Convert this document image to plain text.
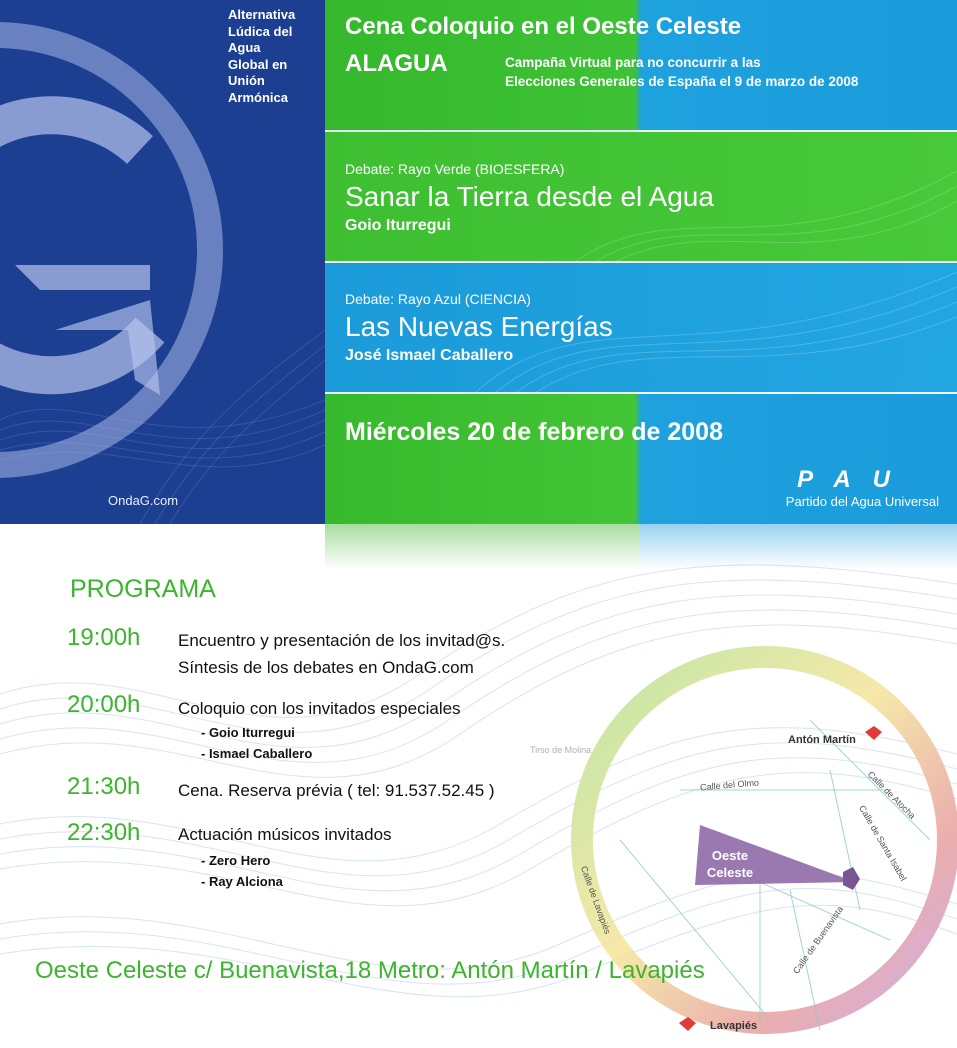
Alternativa
Lúdica del
Agua
Global en
Unión
Armónica
OndaG.com
Cena Coloquio en el Oeste Celeste
ALAGUA	Campaña Virtual para no concurrir a las
Elecciones Generales de España el 9 de marzo de 2008
Debate: Rayo Verde (BIOESFERA)
Sanar la Tierra desde el Agua
Goio Iturregui
Debate: Rayo Azul (CIENCIA)
Las Nuevas Energías
José Ismael Caballero
Miércoles 20 de febrero de 2008
PAU
Partido del Agua Universal
Antón Martín
Lavapiés
Tirso de Molina
Calle del Olmo	Calle de Atocha
Calle de Santa Isabel
Calle de Buenavista
Calle de Lavapiés
Oeste Celeste
PROGRAMA
19:00h Encuentro y presentación de los invitad@s.
Síntesis de los debates en OndaG.com
20:00h Coloquio con los invitados especiales
- Goio Iturregui
- Ismael Caballero
21:30h Cena. Reserva prévia ( tel: 91.537.52.45 )
22:30h Actuación músicos invitados
- Zero Hero
- Ray Alciona
Oeste Celeste c/ Buenavista,18 Metro: Antón Martín / Lavapiés
